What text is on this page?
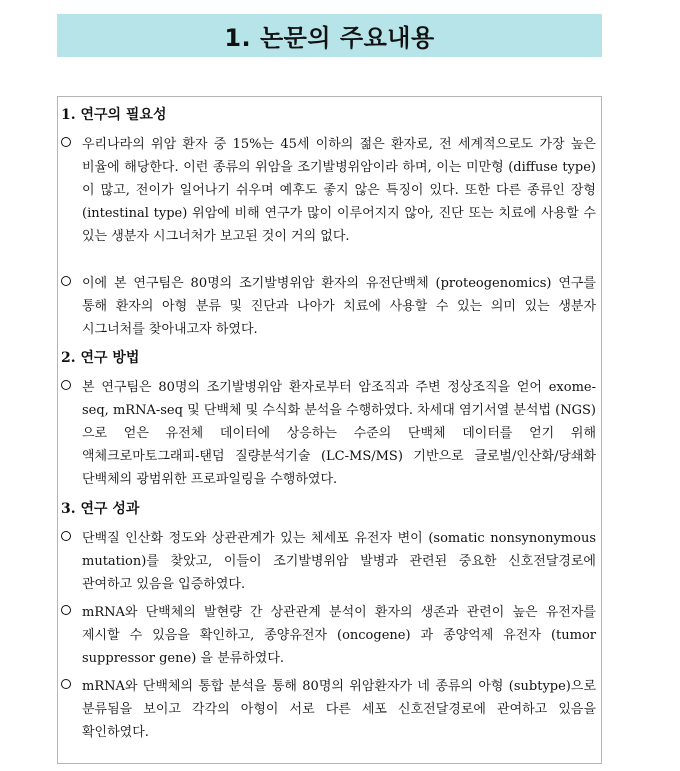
1. 논문의 주요내용
1. 연구의 필요성
우리나라의 위암 환자 중 15%는 45세 이하의 젊은 환자로, 전 세계적으로도 가장 높은 비율에 해당한다. 이런 종류의 위암을 조기발병위암이라 하며, 이는 미만형 (diffuse type) 이 많고, 전이가 일어나기 쉬우며 예후도 좋지 않은 특징이 있다. 또한 다른 종류인 장형 (intestinal type) 위암에 비해 연구가 많이 이루어지지 않아, 진단 또는 치료에 사용할 수 있는 생분자 시그너처가 보고된 것이 거의 없다.
이에 본 연구팀은 80명의 조기발병위암 환자의 유전단백체 (proteogenomics) 연구를 통해 환자의 아형 분류 및 진단과 나아가 치료에 사용할 수 있는 의미 있는 생분자 시그너처를 찾아내고자 하였다.
2. 연구 방법
본 연구팀은 80명의 조기발병위암 환자로부터 암조직과 주변 정상조직을 얻어 exome-seq, mRNA-seq 및 단백체 및 수식화 분석을 수행하였다. 차세대 염기서열 분석법 (NGS)으로 얻은 유전체 데이터에 상응하는 수준의 단백체 데이터를 얻기 위해 액체크로마토그래피-탠덤 질량분석기술 (LC-MS/MS) 기반으로 글로벌/인산화/당쇄화 단백체의 광범위한 프로파일링을 수행하였다.
3. 연구 성과
단백질 인산화 정도와 상관관계가 있는 체세포 유전자 변이 (somatic nonsynonymous mutation)를 찾았고, 이들이 조기발병위암 발병과 관련된 중요한 신호전달경로에 관여하고 있음을 입증하였다.
mRNA와 단백체의 발현량 간 상관관계 분석이 환자의 생존과 관련이 높은 유전자를 제시할 수 있음을 확인하고, 종양유전자 (oncogene) 과 종양억제 유전자 (tumor suppressor gene) 을 분류하였다.
mRNA와 단백체의 통합 분석을 통해 80명의 위암환자가 네 종류의 아형 (subtype)으로 분류됨을 보이고 각각의 아형이 서로 다른 세포 신호전달경로에 관여하고 있음을 확인하였다.
